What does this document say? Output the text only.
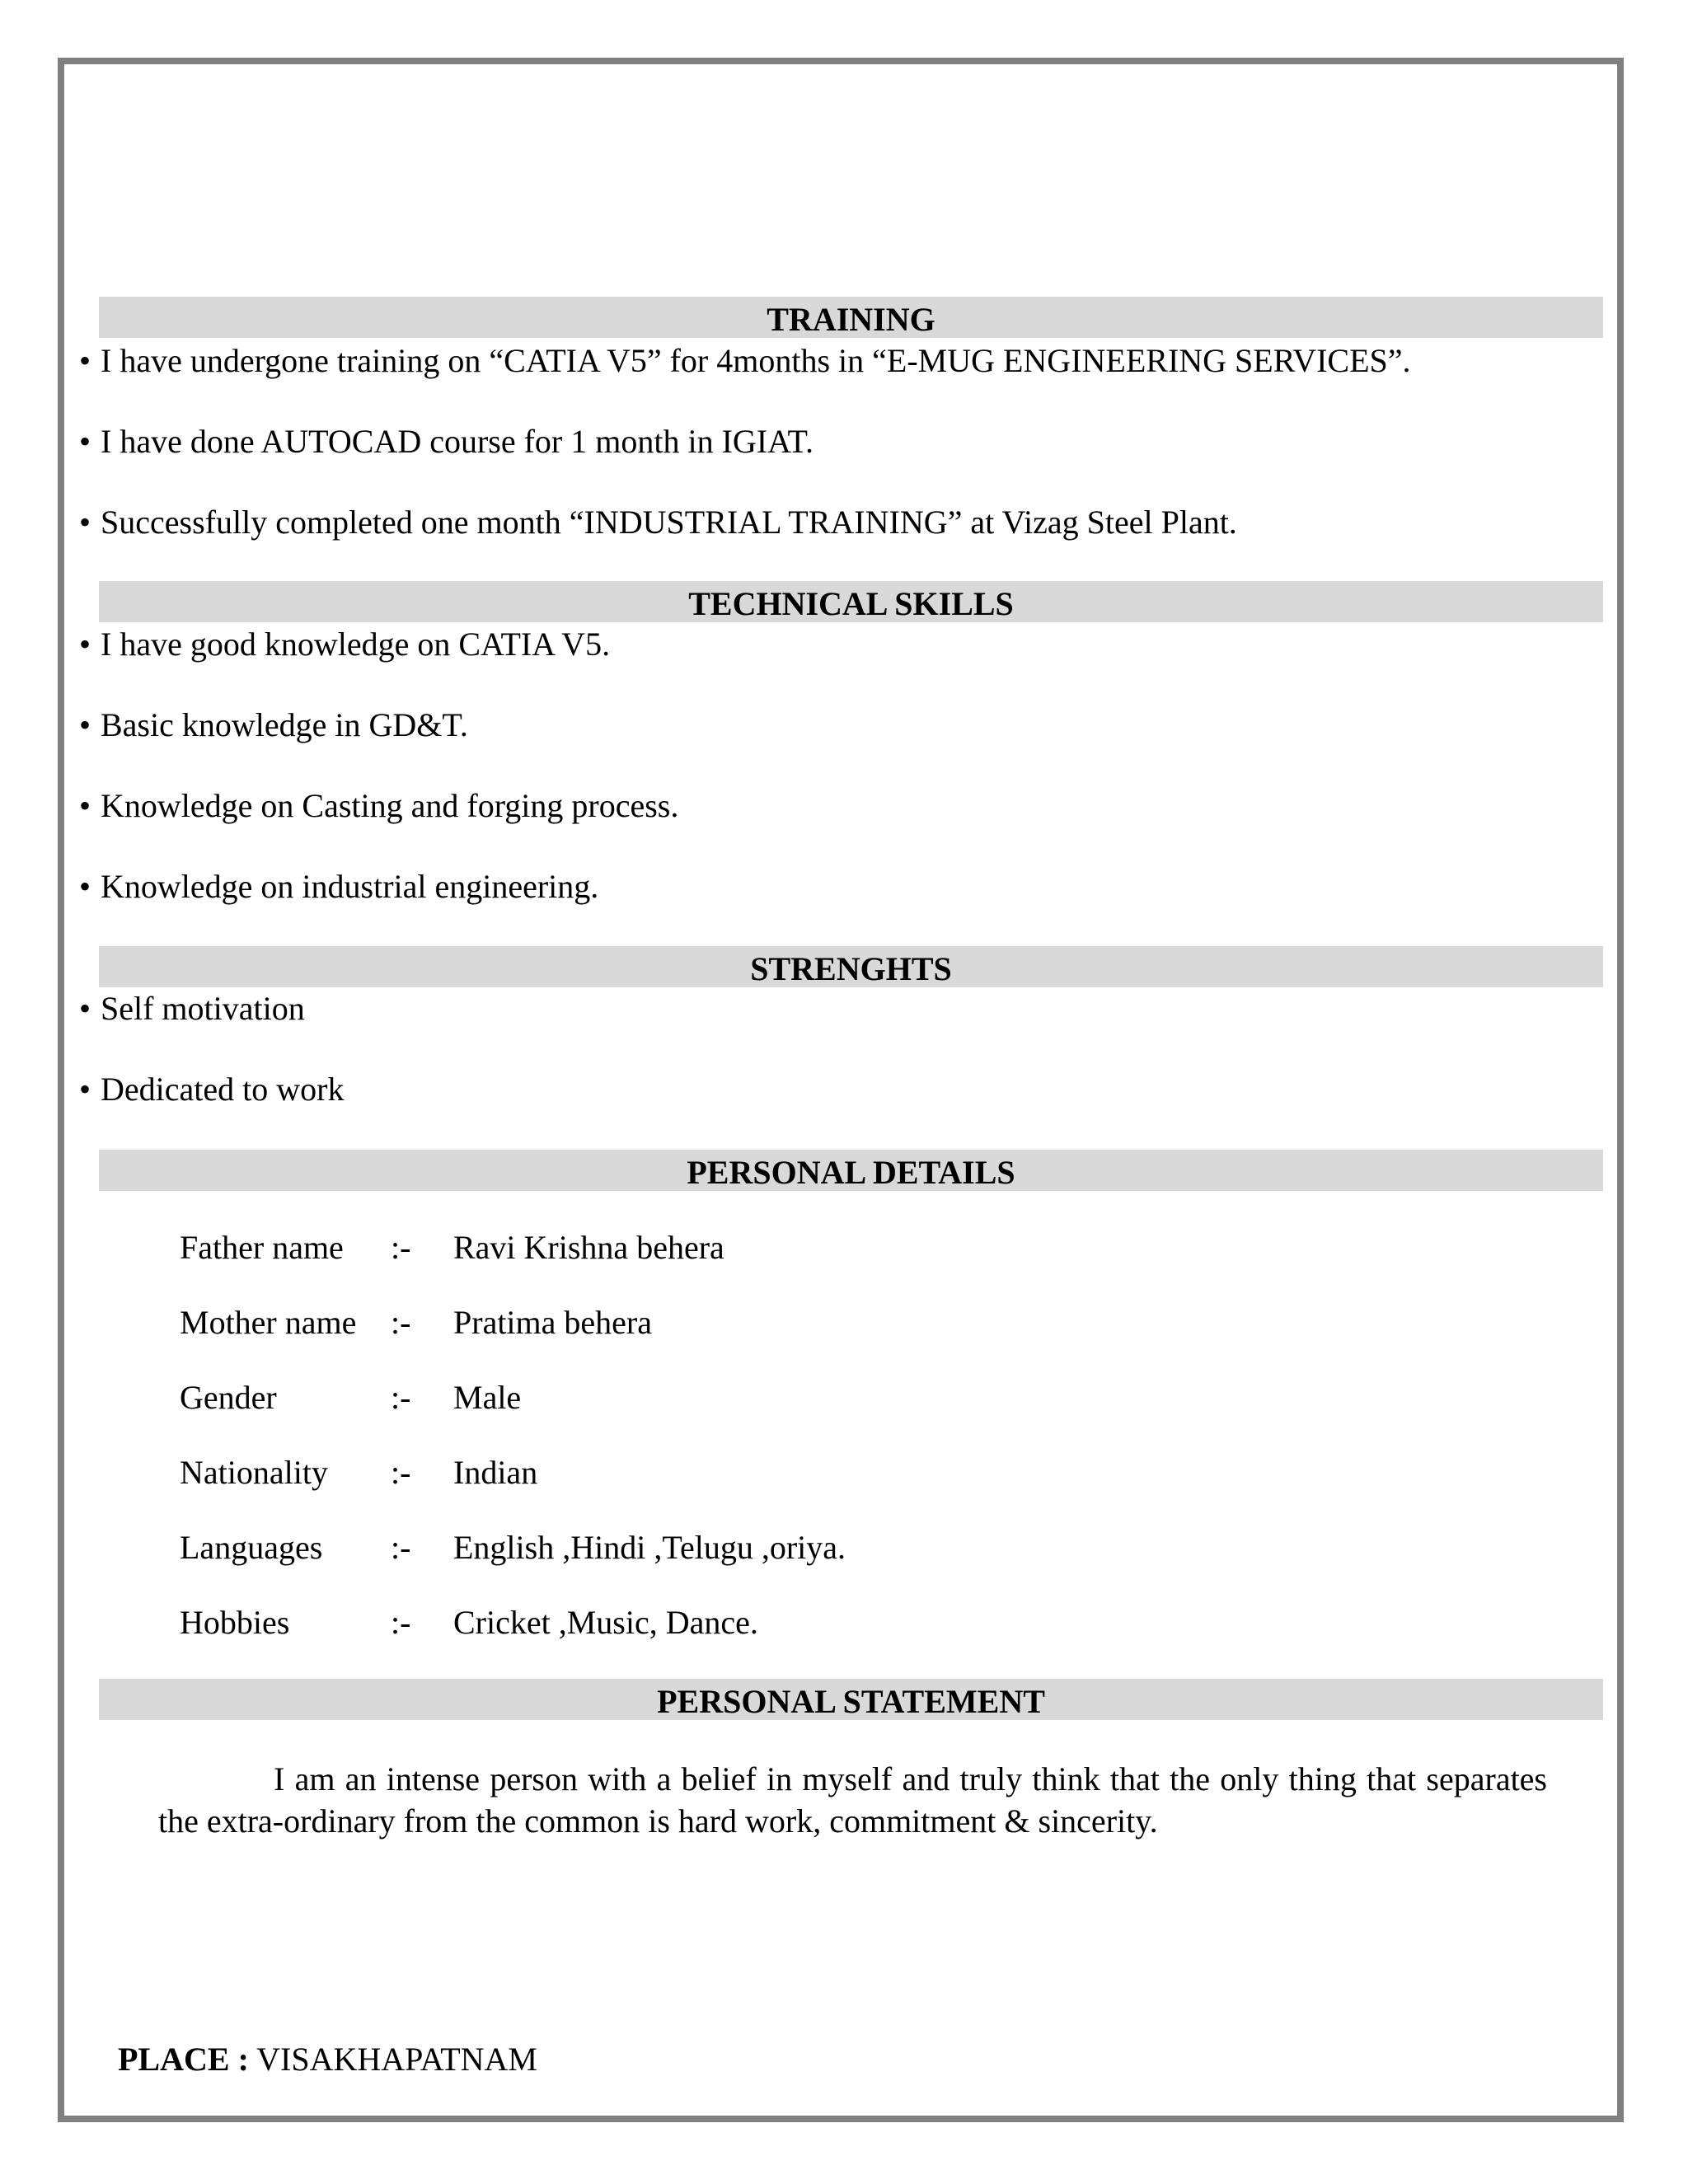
TRAINING
• I have undergone training on “CATIA V5” for 4months in “E-MUG ENGINEERING SERVICES”.
• I have done AUTOCAD course for 1 month in IGIAT.
• Successfully completed one month “INDUSTRIAL TRAINING” at Vizag Steel Plant.
TECHNICAL SKILLS
• I have good knowledge on CATIA V5.
• Basic knowledge in GD&T.
• Knowledge on Casting and forging process.
• Knowledge on industrial engineering.
STRENGHTS
• Self motivation
• Dedicated to work
PERSONAL DETAILS
Father name :- Ravi Krishna behera
Mother name :- Pratima behera
Gender	:- Male
Nationality :- Indian
Languages :- English ,Hindi ,Telugu ,oriya.
Hobbies	:- Cricket ,Music, Dance.
PERSONAL STATEMENT
I am an intense person with a belief in myself and truly think that the only thing that separates the extra-ordinary from the common is hard work, commitment & sincerity.
PLACE : VISAKHAPATNAM
